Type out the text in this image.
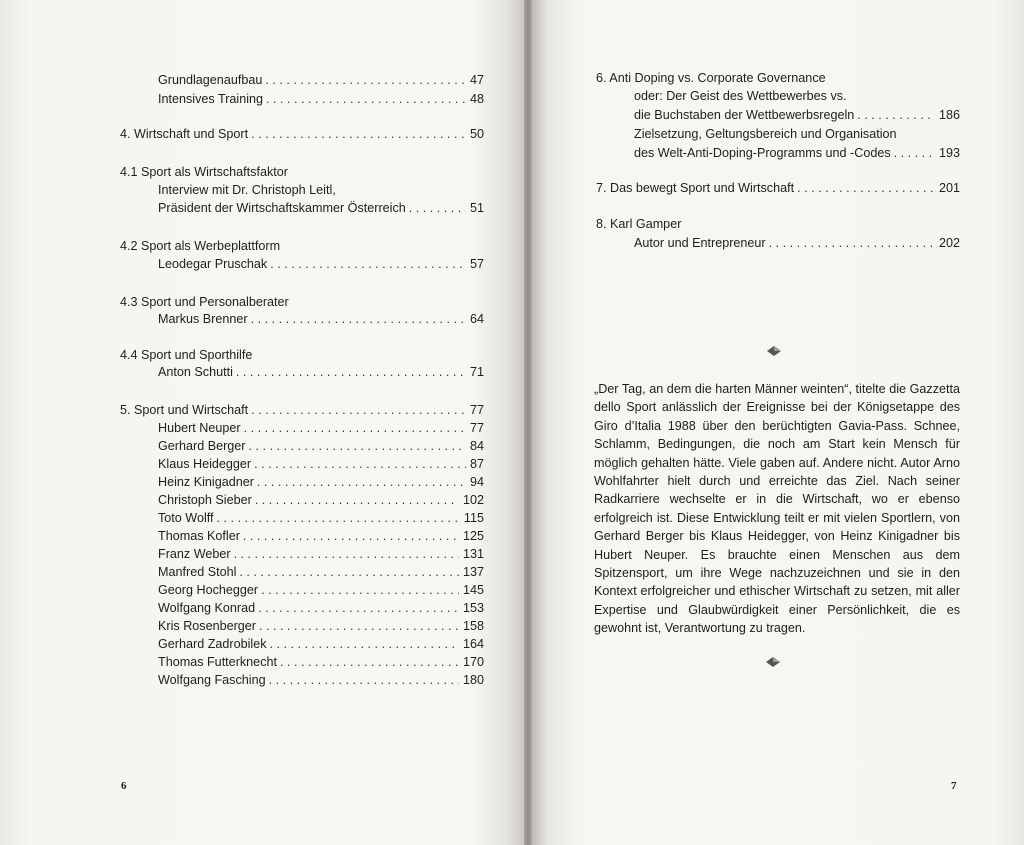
Grundlagenaufbau . . .	47
Intensives Training . . .	48
4. Wirtschaft und Sport . . .	50
4.1 Sport als Wirtschaftsfaktor
Interview mit Dr. Christoph Leitl,
Präsident der Wirtschaftskammer Österreich . . .	51
4.2 Sport als Werbeplattform
Leodegar Pruschak . . .	57
4.3 Sport und Personalberater
Markus Brenner . . .	64
4.4 Sport und Sporthilfe
Anton Schutti . . .	71
5. Sport und Wirtschaft . . .	77
Hubert Neuper . . .	77
Gerhard Berger . . .	84
Klaus Heidegger . . .	87
Heinz Kinigadner . . .	94
Christoph Sieber . . .	102
Toto Wolff . . .	115
Thomas Kofler . . .	125
Franz Weber . . .	131
Manfred Stohl . . .	137
Georg Hochegger . . .	145
Wolfgang Konrad . . .	153
Kris Rosenberger . . .	158
Gerhard Zadrobilek . . .	164
Thomas Futterknecht . . .	170
Wolfgang Fasching . . .	180
6
6. Anti Doping vs. Corporate Governance
oder: Der Geist des Wettbewerbes vs.
die Buchstaben der Wettbewerbsregeln . . .	186
Zielsetzung, Geltungsbereich und Organisation
des Welt-Anti-Doping-Programms und -Codes . . .	193
7. Das bewegt Sport und Wirtschaft . . .	201
8. Karl Gamper
Autor und Entrepreneur . . .	202
„Der Tag, an dem die harten Männer weinten“, titelte die Gazzetta dello Sport anlässlich der Ereignisse bei der Königsetappe des Giro d’Italia 1988 über den berüchtigten Gavia-Pass. Schnee, Schlamm, Bedingungen, die noch am Start kein Mensch für möglich gehalten hätte. Viele gaben auf. Andere nicht. Autor Arno Wohlfahrter hielt durch und erreichte das Ziel. Nach seiner Radkarriere wechselte er in die Wirtschaft, wo er ebenso erfolgreich ist. Diese Entwicklung teilt er mit vielen Sportlern, von Gerhard Berger bis Klaus Heidegger, von Heinz Kinigadner bis Hubert Neuper. Es brauchte einen Menschen aus dem Spitzensport, um ihre Wege nachzuzeichnen und sie in den Kontext erfolgreicher und ethischer Wirtschaft zu setzen, mit aller Expertise und Glaubwürdigkeit einer Persönlichkeit, die es gewohnt ist, Verantwortung zu tragen.
7
